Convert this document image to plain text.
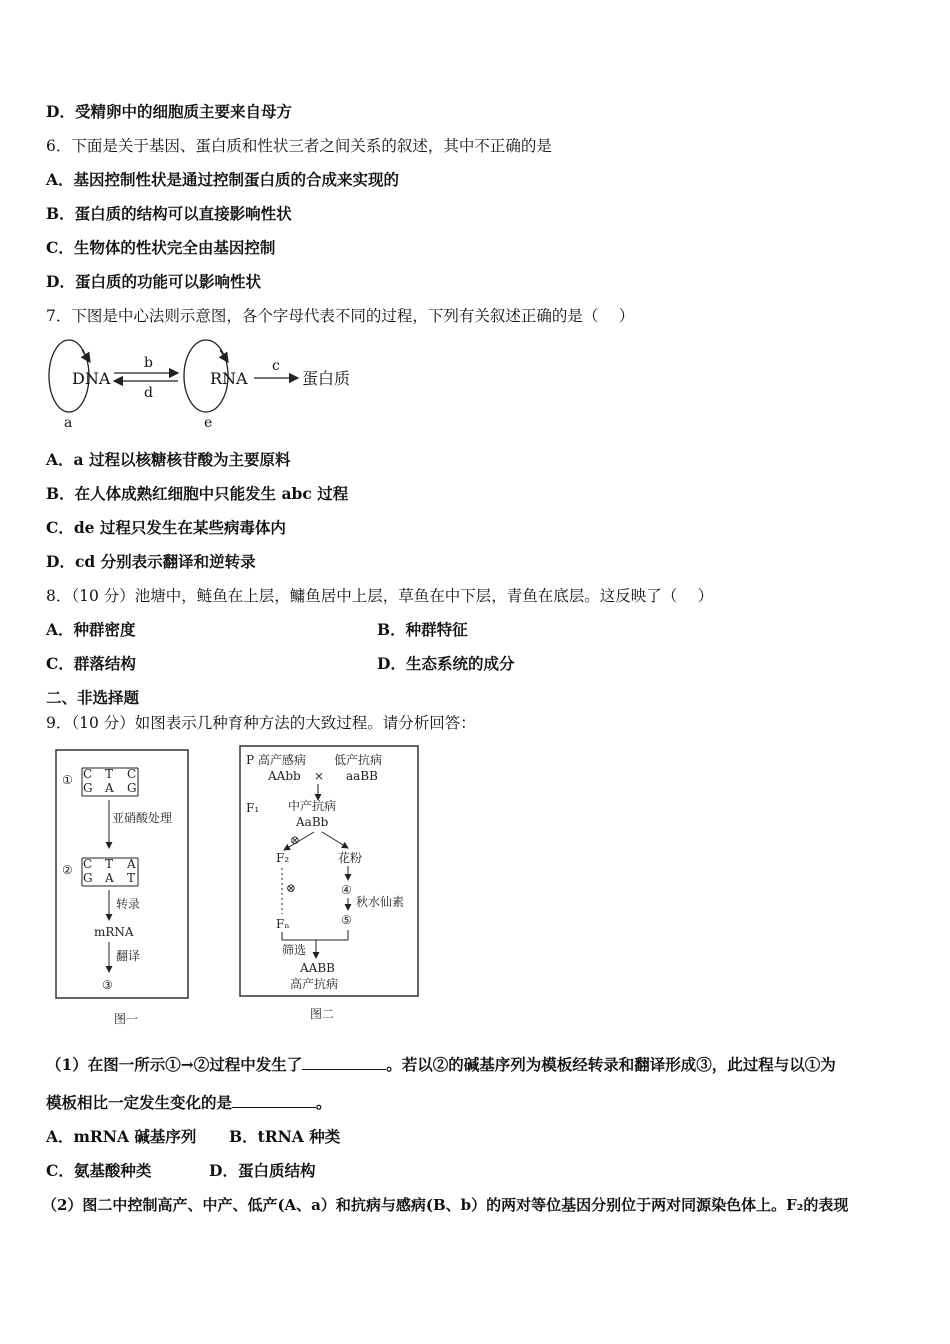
D．受精卵中的细胞质主要来自母方
6．下面是关于基因、蛋白质和性状三者之间关系的叙述，其中不正确的是
A．基因控制性状是通过控制蛋白质的合成来实现的
B．蛋白质的结构可以直接影响性状
C．生物体的性状完全由基因控制
D．蛋白质的功能可以影响性状
7．下图是中心法则示意图，各个字母代表不同的过程，下列有关叙述正确的是（　 ）
DNA
a
b
d
RNA
e
c
蛋白质
A．a 过程以核糖核苷酸为主要原料
B．在人体成熟红细胞中只能发生 abc 过程
C．de 过程只发生在某些病毒体内
D．cd 分别表示翻译和逆转录
8．（10 分）池塘中，鲢鱼在上层，鳙鱼居中上层，草鱼在中下层，青鱼在底层。这反映了（　 ）
A．种群密度	B．种群特征
C．群落结构	D．生态系统的成分
二、非选择题
9．（10 分）如图表示几种育种方法的大致过程。请分析回答：
① C T C
G A G
亚硝酸处理
② C T A
G A T
转录
mRNA
翻译
③
图一
P 高产感病 低产抗病
AAbb × aaBB
F₁ 中产抗病
AaBb
⊗
F₂	花粉
⊗	④
秋水仙素
⑤
Fₙ
筛选
AABB
高产抗病
图二
（1）在图一所示①→②过程中发生了	。若以②的碱基序列为模板经转录和翻译形成③，此过程与以①为
模板相比一定发生变化的是	。
A．mRNA 碱基序列 B．tRNA 种类
C．氨基酸种类	D．蛋白质结构
（2）图二中控制高产、中产、低产(A、a）和抗病与感病(B、b）的两对等位基因分别位于两对同源染色体上。F₂的表现
